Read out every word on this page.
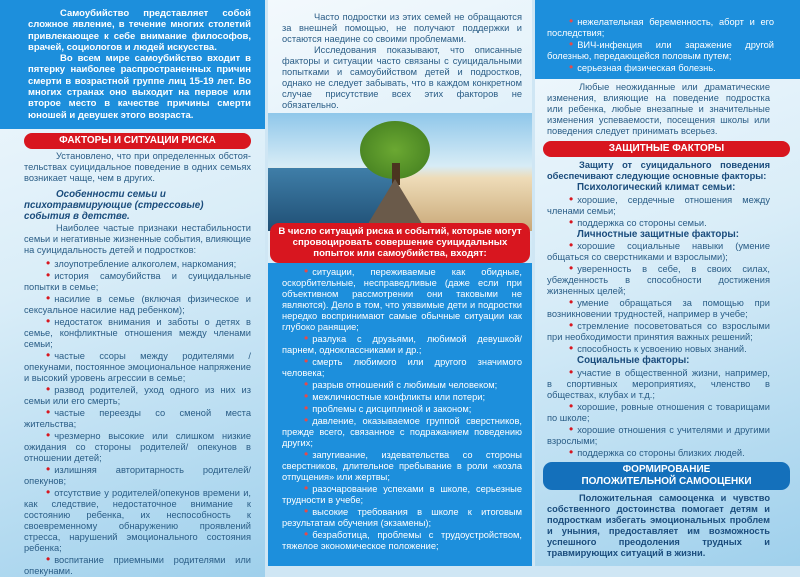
Самоубийство представляет собой сложное явление, в течение многих столетий привлекающее к себе внимание философов, врачей, социологов и людей искусства.

Во всем мире самоубийство входит в пятерку наиболее распространенных причин смерти в возрастной группе лиц 15-19 лет. Во многих странах оно выходит на первое или второе место в качестве причины смерти юношей и девушек этого возраста.

ФАКТОРЫ И СИТУАЦИИ РИСКА

Установлено, что при определенных обстоя-тельствах суицидальное поведение в одних семьях возникает чаще, чем в других.

Особенности семьи и психотравмирующие (стрессовые) события в детстве.

Наиболее частые признаки нестабильности семьи и негативные жизненные события, влияющие на суицидальность детей и подростков:

• злоупотребление алкоголем, наркомания;
• история самоубийства и суицидальные попытки в семье;
• насилие в семье (включая физическое и сексуальное насилие над ребенком);
• недостаток внимания и заботы о детях в семье, конфликтные отношения между членами семьи;
• частые ссоры между родителями /опекунами, постоянное эмоциональное напряжение и высокий уровень агрессии в семье;
• развод родителей, уход одного из них из семьи или его смерть;
• частые переезды со сменой места жительства;
• чрезмерно высокие или слишком низкие ожидания со стороны родителей/ опекунов в отношении детей;
• излишняя авторитарность родителей/опекунов;
• отсутствие у родителей/опекунов времени и, как следствие, недостаточное внимание к состоянию ребенка, их неспособность к своевременному обнаружению проявлений стресса, нарушений эмоционального состояния ребенка;
• воспитание приемными родителями или опекунами.

Часто подростки из этих семей не обращаются за внешней помощью, не получают поддержки и остаются наедине со своими проблемами.

Исследования показывают, что описанные факторы и ситуации часто связаны с суицидальными попытками и самоубийством детей и подростков, однако не следует забывать, что в каждом конкретном случае присутствие всех этих факторов не обязательно.

В число ситуаций риска и событий, которые могут спровоцировать совершение суицидальных попыток или самоубийства, входят:
• ситуации, переживаемые как обидные, оскорбительные, несправедливые (даже если при объективном рассмотрении они таковыми не являются). Дело в том, что уязвимые дети и подростки нередко воспринимают самые обычные ситуации как глубоко ранящие;
• разлука с друзьями, любимой девушкой/ парнем, одноклассниками и др.;
• смерть любимого или другого значимого человека;
• разрыв отношений с любимым человеком;
• межличностные конфликты или потери;
• проблемы с дисциплиной и законом;
• давление, оказываемое группой сверстников, прежде всего, связанное с подражанием поведению других;
• запугивание, издевательства со стороны сверстников, длительное пребывание в роли «козла отпущения» или жертвы;
• разочарование успехами в школе, серьезные трудности в учебе;
• высокие требования в школе к итоговым результатам обучения (экзамены);
• безработица, проблемы с трудоустройством, тяжелое экономическое положение;
• нежелательная беременность, аборт и его последствия;
• ВИЧ-инфекция или заражение другой болезнью, передающейся половым путем;
• серьезная физическая болезнь.

Любые неожиданные или драматические изменения, влияющие на поведение подростка или ребенка, любые внезапные и значительные изменения успеваемости, посещения школы или поведения следует принимать всерьез.

ЗАЩИТНЫЕ ФАКТОРЫ

Защиту от суицидального поведения обеспечивают следующие основные факторы:

Психологический климат семьи:
• хорошие, сердечные отношения между членами семьи;
• поддержка со стороны семьи.
Личностные защитные факторы:
• хорошие социальные навыки (умение общаться со сверстниками и взрослыми);
• уверенность в себе, в своих силах, убежденность в способности достижения жизненных целей;
• умение обращаться за помощью при возникновении трудностей, например в учебе;
• стремление посоветоваться со взрослыми при необходимости принятия важных решений;
• способность к усвоению новых знаний.
Социальные факторы:
• участие в общественной жизни, например, в спортивных мероприятиях, членство в обществах, клубах и т.д.;
• хорошие, ровные отношения с товарищами по школе;
• хорошие отношения с учителями и другими взрослыми;
• поддержка со стороны близких людей.
ФОРМИРОВАНИЕ
ПОЛОЖИТЕЛЬНОЙ САМООЦЕНКИ

Положительная самооценка и чувство собственного достоинства помогает детям и подросткам избегать эмоциональных проблем и уныния, предоставляет им возможность успешного преодоления трудных и травмирующих ситуаций в жизни.
